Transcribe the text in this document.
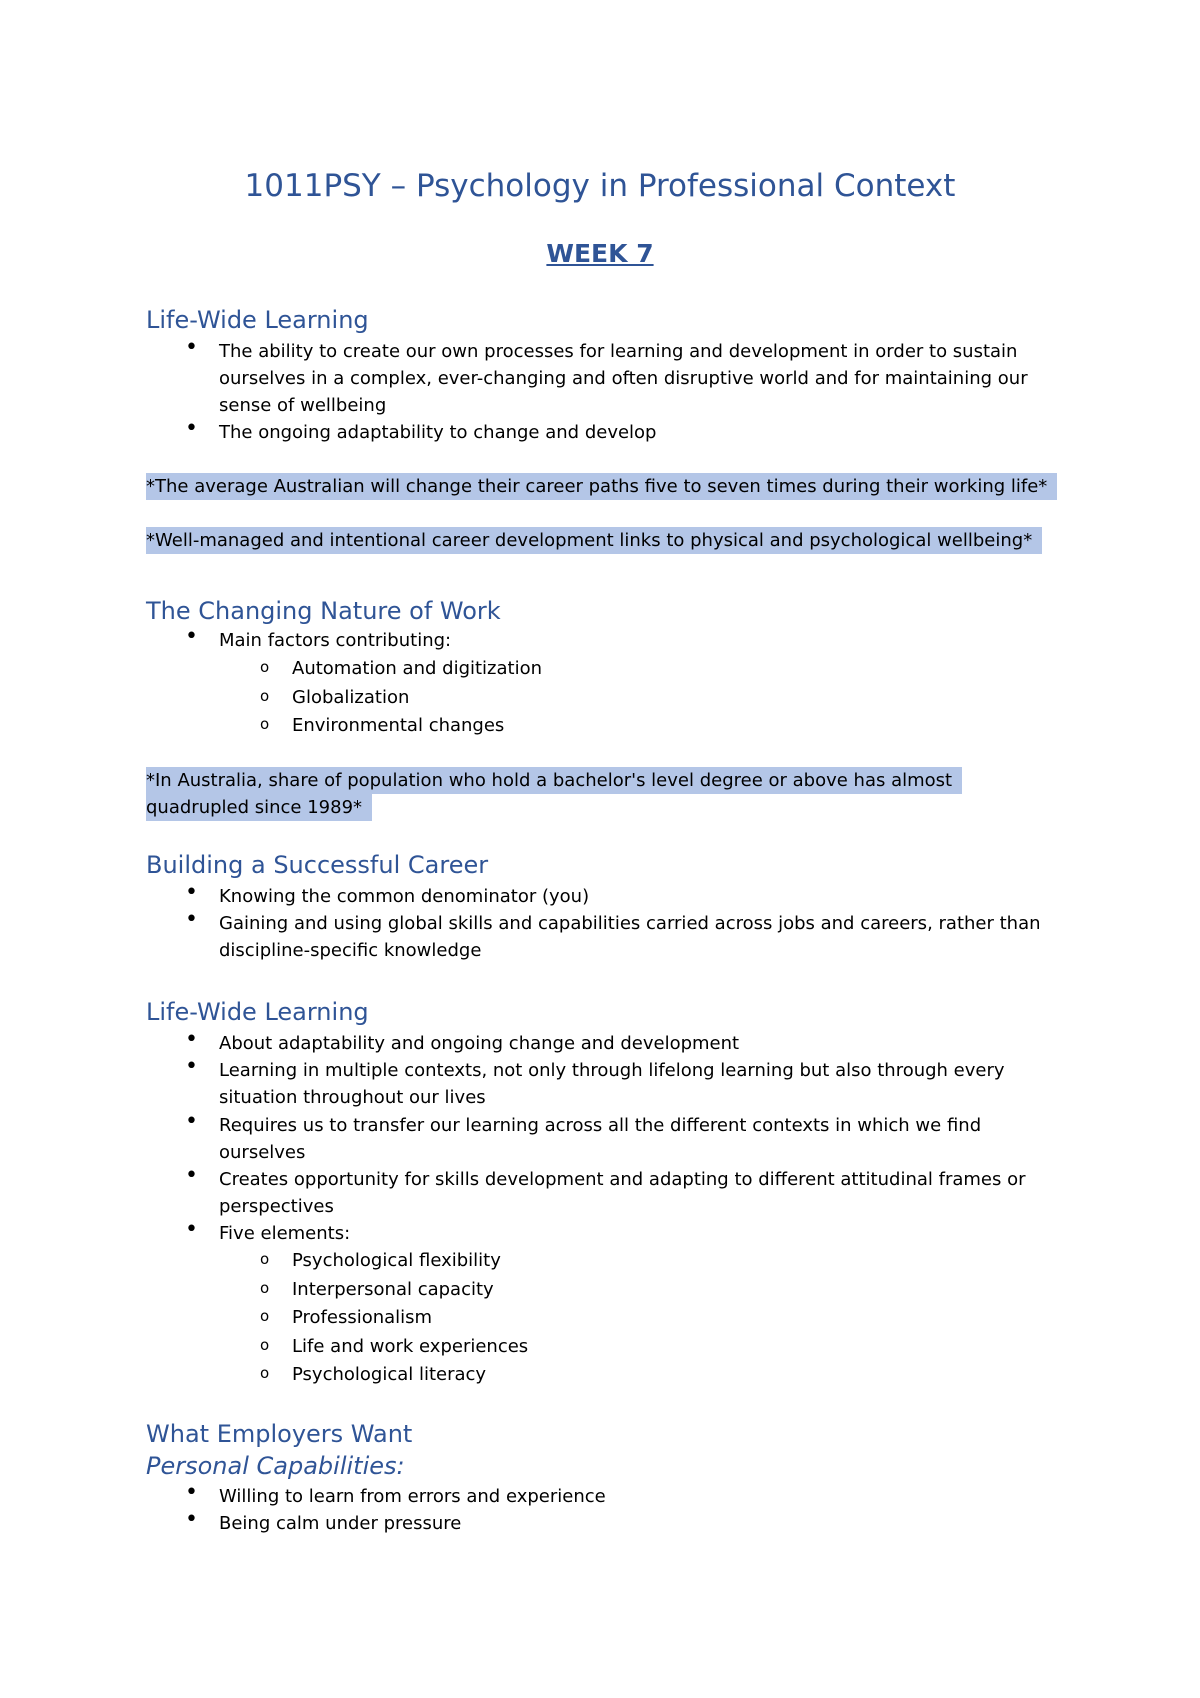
1011PSY – Psychology in Professional Context
WEEK 7
Life-Wide Learning
• The ability to create our own processes for learning and development in order to sustain ourselves in a complex, ever-changing and often disruptive world and for maintaining our sense of wellbeing
• The ongoing adaptability to change and develop
*The average Australian will change their career paths five to seven times during their working life*
*Well-managed and intentional career development links to physical and psychological wellbeing*
The Changing Nature of Work
• Main factors contributing:
o Automation and digitization
o Globalization
o Environmental changes
*In Australia, share of population who hold a bachelor's level degree or above has almost
quadrupled since 1989*
Building a Successful Career
• Knowing the common denominator (you)
• Gaining and using global skills and capabilities carried across jobs and careers, rather than discipline-specific knowledge
Life-Wide Learning
• About adaptability and ongoing change and development
• Learning in multiple contexts, not only through lifelong learning but also through every situation throughout our lives
• Requires us to transfer our learning across all the different contexts in which we find ourselves
• Creates opportunity for skills development and adapting to different attitudinal frames or perspectives
• Five elements:
o Psychological flexibility
o Interpersonal capacity
o Professionalism
o Life and work experiences
o Psychological literacy
What Employers Want
Personal Capabilities:
• Willing to learn from errors and experience
• Being calm under pressure
